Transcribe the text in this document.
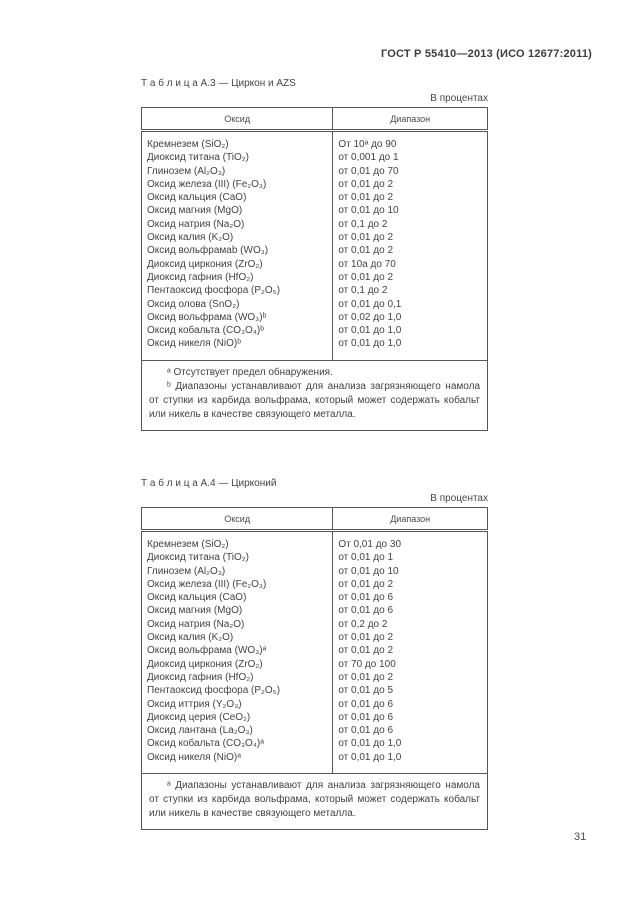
ГОСТ Р 55410—2013 (ИСО 12677:2011)
Т а б л и ц а А.3 — Циркон и AZS
В процентах
Оксид	Диапазон
Кремнезем (SiO₂)	От 10ᵃ до 90
Диоксид титана (TiO₂)	от 0,001 до 1
Глинозем (Al₂O₃)	от 0,01 до 70
Оксид железа (III) (Fe₂O₃)	от 0,01 до 2
Оксид кальция (CaO)	от 0,01 до 2
Оксид магния (MgO)	от 0,01 до 10
Оксид натрия (Na₂O)	от 0,1 до 2
Оксид калия (K₂O)	от 0,01 до 2
Оксид вольфрамаb (WO₃)	от 0,01 до 2
Диоксид циркония (ZrO₂)	от 10а до 70
Диоксид гафния (HfO₂)	от 0,01 до 2
Пентаоксид фосфора (P₂O₅)	от 0,1 до 2
Оксид олова (SnO₂)	от 0,01 до 0,1
Оксид вольфрама (WO₃)ᵇ	от 0,02 до 1,0
Оксид кобальта (CO₃O₄)ᵇ	от 0,01 до 1,0
Оксид никеля (NiO)ᵇ	от 0,01 до 1,0

ᵃ Отсутствует предел обнаружения.
ᵇ Диапазоны устанавливают для анализа загрязняющего намола от ступки из карбида вольфрама, который может содержать кобальт или никель в качестве связующего металла.	
Т а б л и ц а А.4 — Цирконий
В процентах
Оксид	Диапазон
Кремнезем (SiO₂)	От 0,01 до 30
Диоксид титана (TiO₂)	от 0,01 до 1
Глинозем (Al₂O₃)	от 0,01 до 10
Оксид железа (III) (Fe₂O₃)	от 0,01 до 2
Оксид кальция (CaO)	от 0,01 до 6
Оксид магния (MgO)	от 0,01 до 6
Оксид натрия (Na₂O)	от 0,2 до 2
Оксид калия (K₂O)	от 0,01 до 2
Оксид вольфрама (WO₃)ᵃ	от 0,01 до 2
Диоксид циркония (ZrO₂)	от 70 до 100
Диоксид гафния (HfO₂)	от 0,01 до 2
Пентаоксид фосфора (P₂O₅)	от 0,01 до 5
Оксид иттрия (Y₂O₃)	от 0,01 до 6
Диоксид церия (CeO₂)	от 0,01 до 6
Оксид лантана (La₂O₃)	от 0,01 до 6
Оксид кобальта (CO₃O₄)ᵃ	от 0,01 до 1,0
Оксид никеля (NiO)ᵃ	от 0,01 до 1,0

ᵃ Диапазоны устанавливают для анализа загрязняющего намола от ступки из карбида вольфрама, который может содержать кобальт или никель в качестве связующего металла.	
31
